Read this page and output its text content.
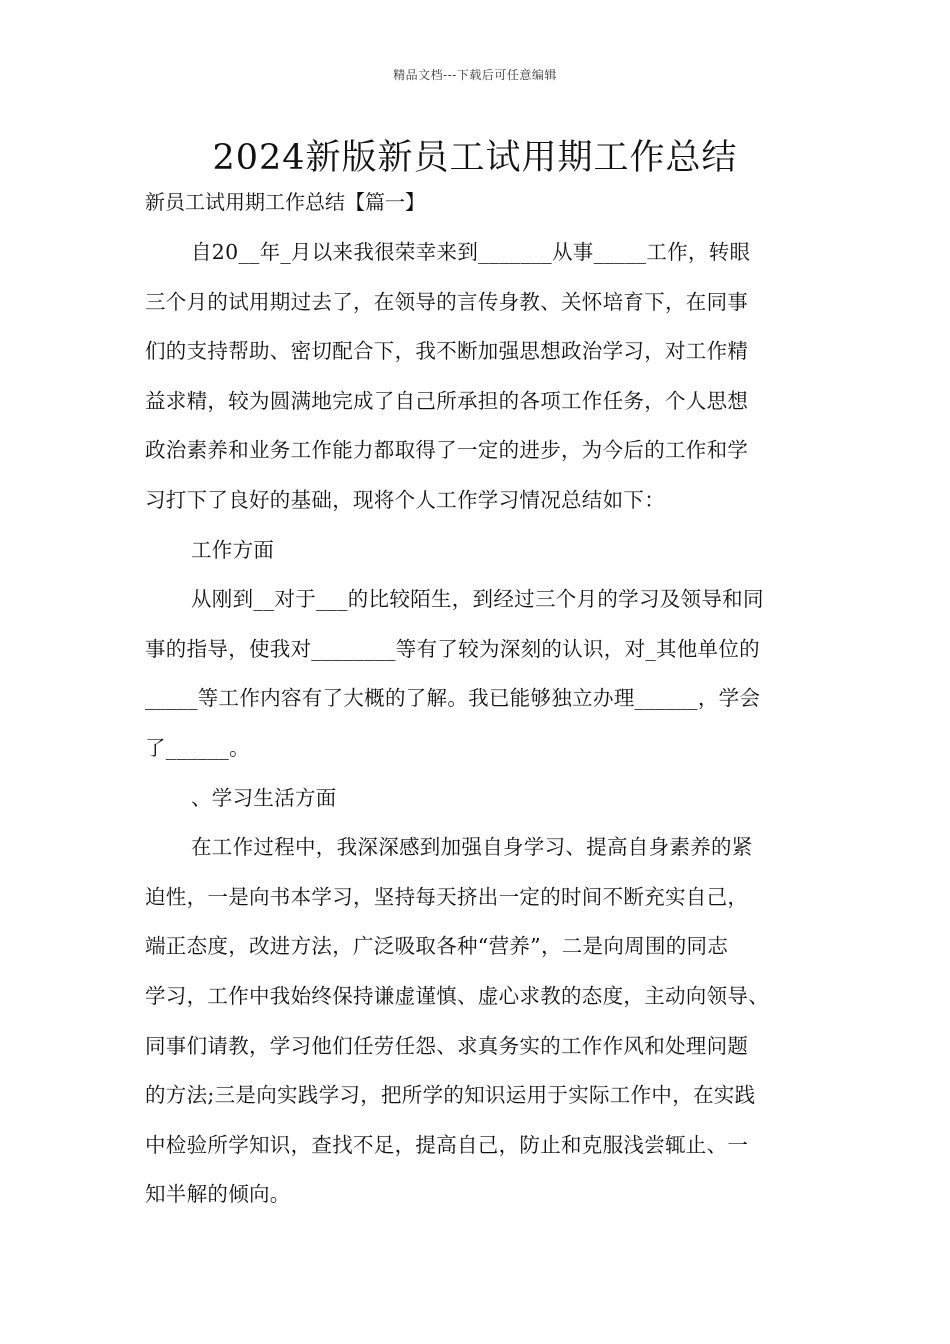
精品文档---下载后可任意编辑
2024新版新员工试用期工作总结
新员工试用期工作总结【篇一】
自20__年_月以来我很荣幸来到_______从事_____工作，转眼
三个月的试用期过去了，在领导的言传身教、关怀培育下，在同事
们的支持帮助、密切配合下，我不断加强思想政治学习，对工作精
益求精，较为圆满地完成了自己所承担的各项工作任务，个人思想
政治素养和业务工作能力都取得了一定的进步，为今后的工作和学
习打下了良好的基础，现将个人工作学习情况总结如下：
工作方面
从刚到__对于___的比较陌生，到经过三个月的学习及领导和同
事的指导，使我对________等有了较为深刻的认识，对_其他单位的
_____等工作内容有了大概的了解。我已能够独立办理______，学会
了______。
、学习生活方面
在工作过程中，我深深感到加强自身学习、提高自身素养的紧
迫性，一是向书本学习，坚持每天挤出一定的时间不断充实自己，
端正态度，改进方法，广泛吸取各种“营养”，二是向周围的同志
学习，工作中我始终保持谦虚谨慎、虚心求教的态度，主动向领导、
同事们请教，学习他们任劳任怨、求真务实的工作作风和处理问题
的方法;三是向实践学习，把所学的知识运用于实际工作中，在实践
中检验所学知识，查找不足，提高自己，防止和克服浅尝辄止、一
知半解的倾向。
